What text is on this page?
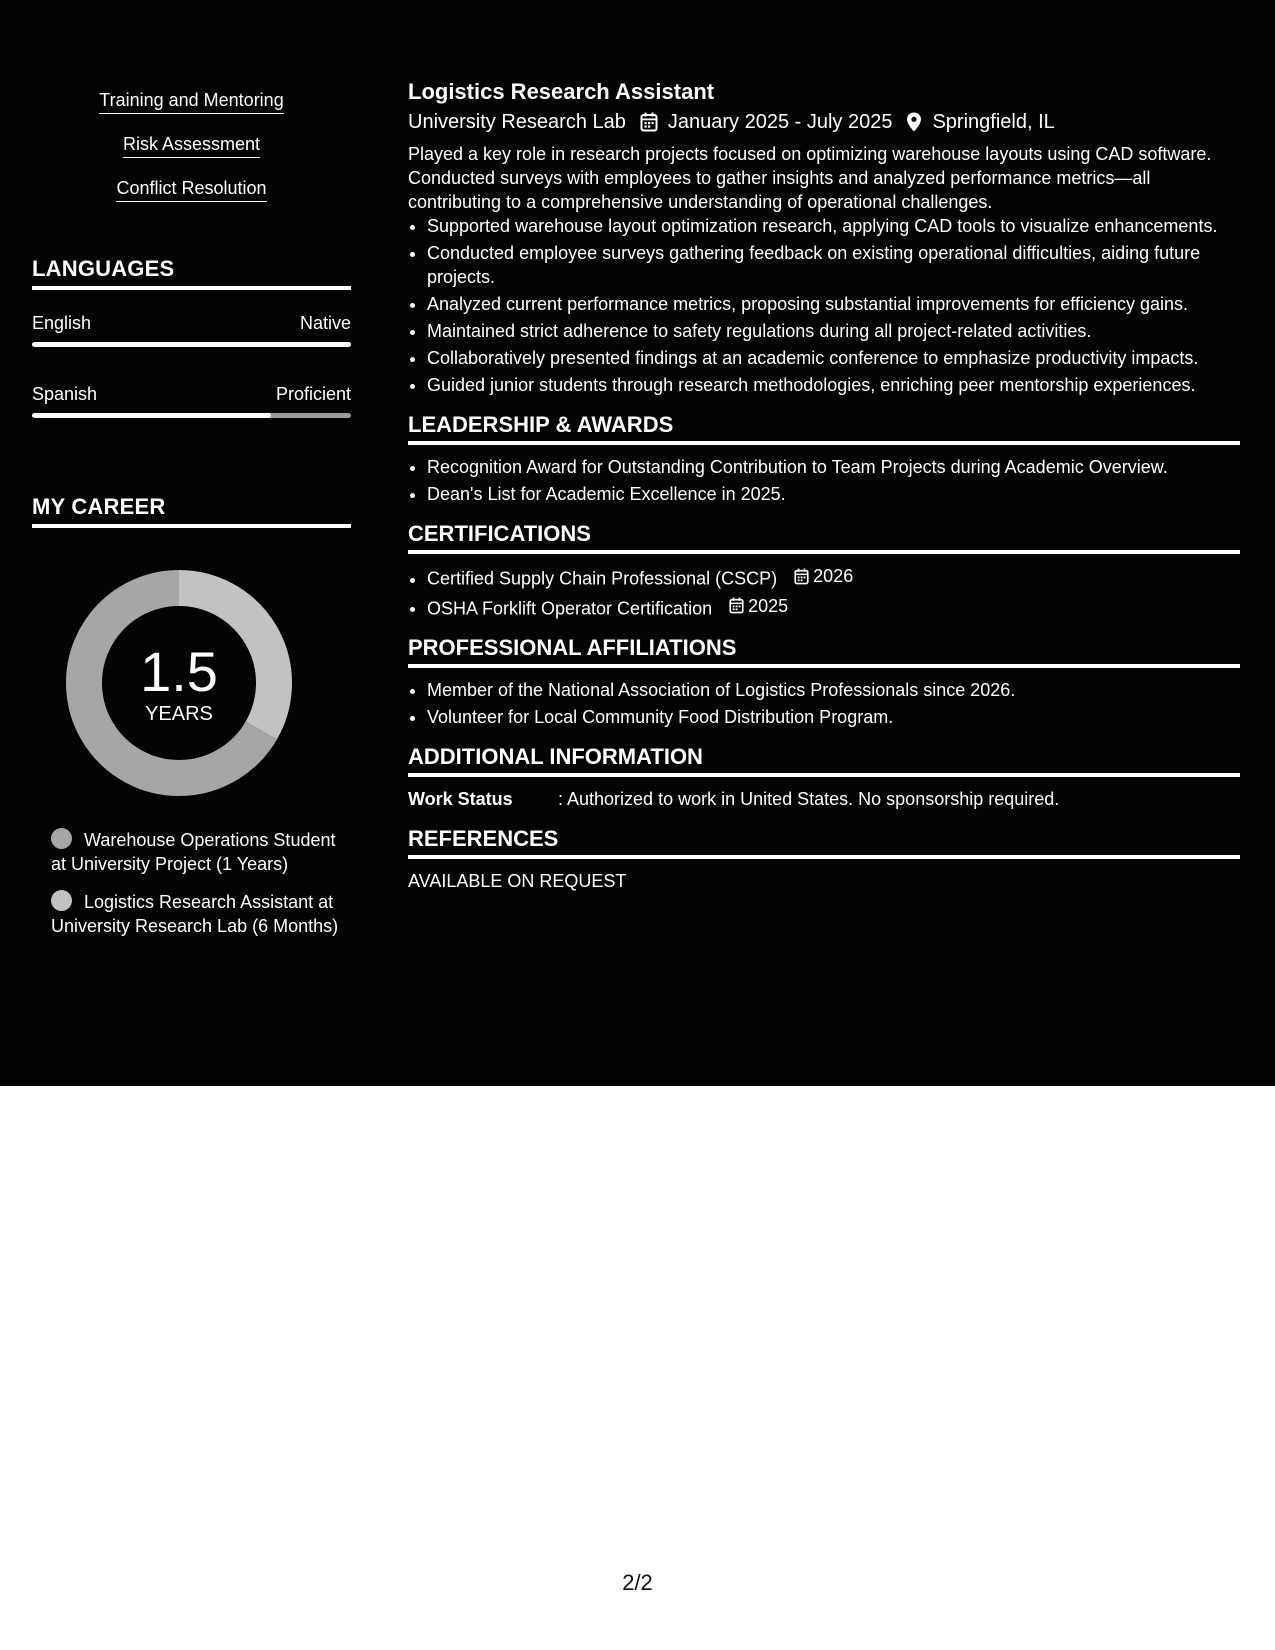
Training and Mentoring
Risk Assessment
Conflict Resolution
LANGUAGES
English	Native
Spanish	Proficient
MY CAREER
1.5
YEARS
Warehouse Operations Student at University Project (1 Years)
Logistics Research Assistant at University Research Lab (6 Months)
Logistics Research Assistant
University Research Lab January 2025 - July 2025 Springfield, IL
Played a key role in research projects focused on optimizing warehouse layouts using CAD software. Conducted surveys with employees to gather insights and analyzed performance metrics—all contributing to a comprehensive understanding of operational challenges.
• Supported warehouse layout optimization research, applying CAD tools to visualize enhancements.
• Conducted employee surveys gathering feedback on existing operational difficulties, aiding future projects.
• Analyzed current performance metrics, proposing substantial improvements for efficiency gains.
• Maintained strict adherence to safety regulations during all project-related activities.
• Collaboratively presented findings at an academic conference to emphasize productivity impacts.
• Guided junior students through research methodologies, enriching peer mentorship experiences.
LEADERSHIP & AWARDS
• Recognition Award for Outstanding Contribution to Team Projects during Academic Overview.
• Dean's List for Academic Excellence in 2025.
CERTIFICATIONS
• Certified Supply Chain Professional (CSCP) 2026
• OSHA Forklift Operator Certification 2025
PROFESSIONAL AFFILIATIONS
• Member of the National Association of Logistics Professionals since 2026.
• Volunteer for Local Community Food Distribution Program.
ADDITIONAL INFORMATION
Work Status	: Authorized to work in United States. No sponsorship required.
REFERENCES
AVAILABLE ON REQUEST
2/2
